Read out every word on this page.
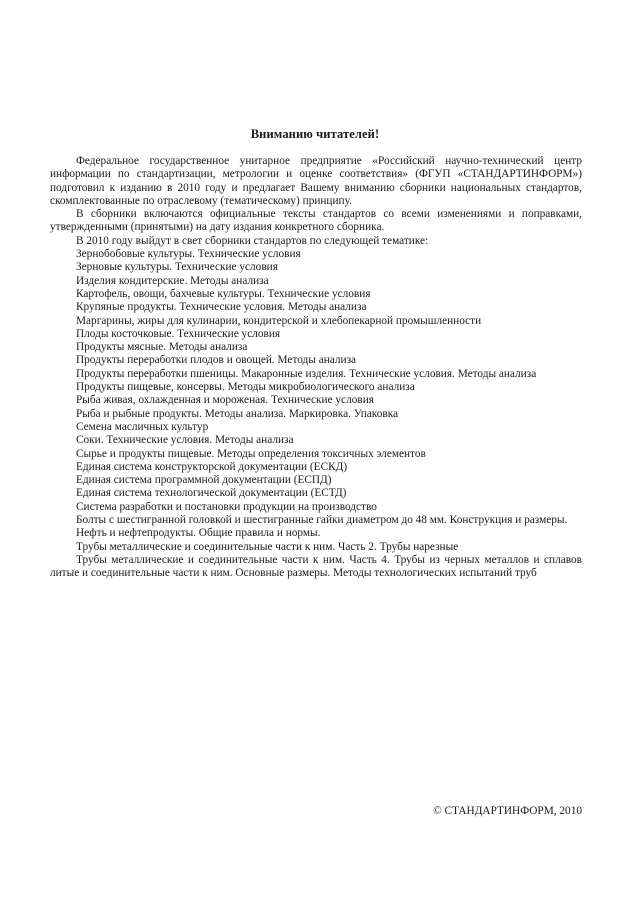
Вниманию читателей!

Федеральное государственное унитарное предприятие «Российский научно-технический центр информации по стандартизации, метрологии и оценке соответствия» (ФГУП «СТАНДАРТИНФОРМ») подготовил к изданию в 2010 году и предлагает Вашему вниманию сборники национальных стандартов, скомплектованные по отраслевому (тематическому) принципу.

В сборники включаются официальные тексты стандартов со всеми изменениями и поправками, утвержденными (принятыми) на дату издания конкретного сборника.

В 2010 году выйдут в свет сборники стандартов по следующей тематике:

Зернобобовые культуры. Технические условия

Зерновые культуры. Технические условия

Изделия кондитерские. Методы анализа

Картофель, овощи, бахчевые культуры. Технические условия

Крупяные продукты. Технические условия. Методы анализа

Маргарины, жиры для кулинарии, кондитерской и хлебопекарной промышленности

Плоды косточковые. Технические условия

Продукты мясные. Методы анализа

Продукты переработки плодов и овощей. Методы анализа

Продукты переработки пшеницы. Макаронные изделия. Технические условия. Методы анализа

Продукты пищевые, консервы. Методы микробиологического анализа

Рыба живая, охлажденная и мороженая. Технические условия

Рыба и рыбные продукты. Методы анализа. Маркировка. Упаковка

Семена масличных культур

Соки. Технические условия. Методы анализа

Сырье и продукты пищевые. Методы определения токсичных элементов

Единая система конструкторской документации (ЕСКД)

Единая система программной документации (ЕСПД)

Единая система технологической документации (ЕСТД)

Система разработки и постановки продукции на производство

Болты с шестигранной головкой и шестигранные гайки диаметром до 48 мм. Конструкция и размеры.

Нефть и нефтепродукты. Общие правила и нормы.

Трубы металлические и соединительные части к ним. Часть 2. Трубы нарезные

Трубы металлические и соединительные части к ним. Часть 4. Трубы из черных металлов и сплавов литые и соединительные части к ним. Основные размеры. Методы технологических испытаний труб

© СТАНДАРТИНФОРМ, 2010
